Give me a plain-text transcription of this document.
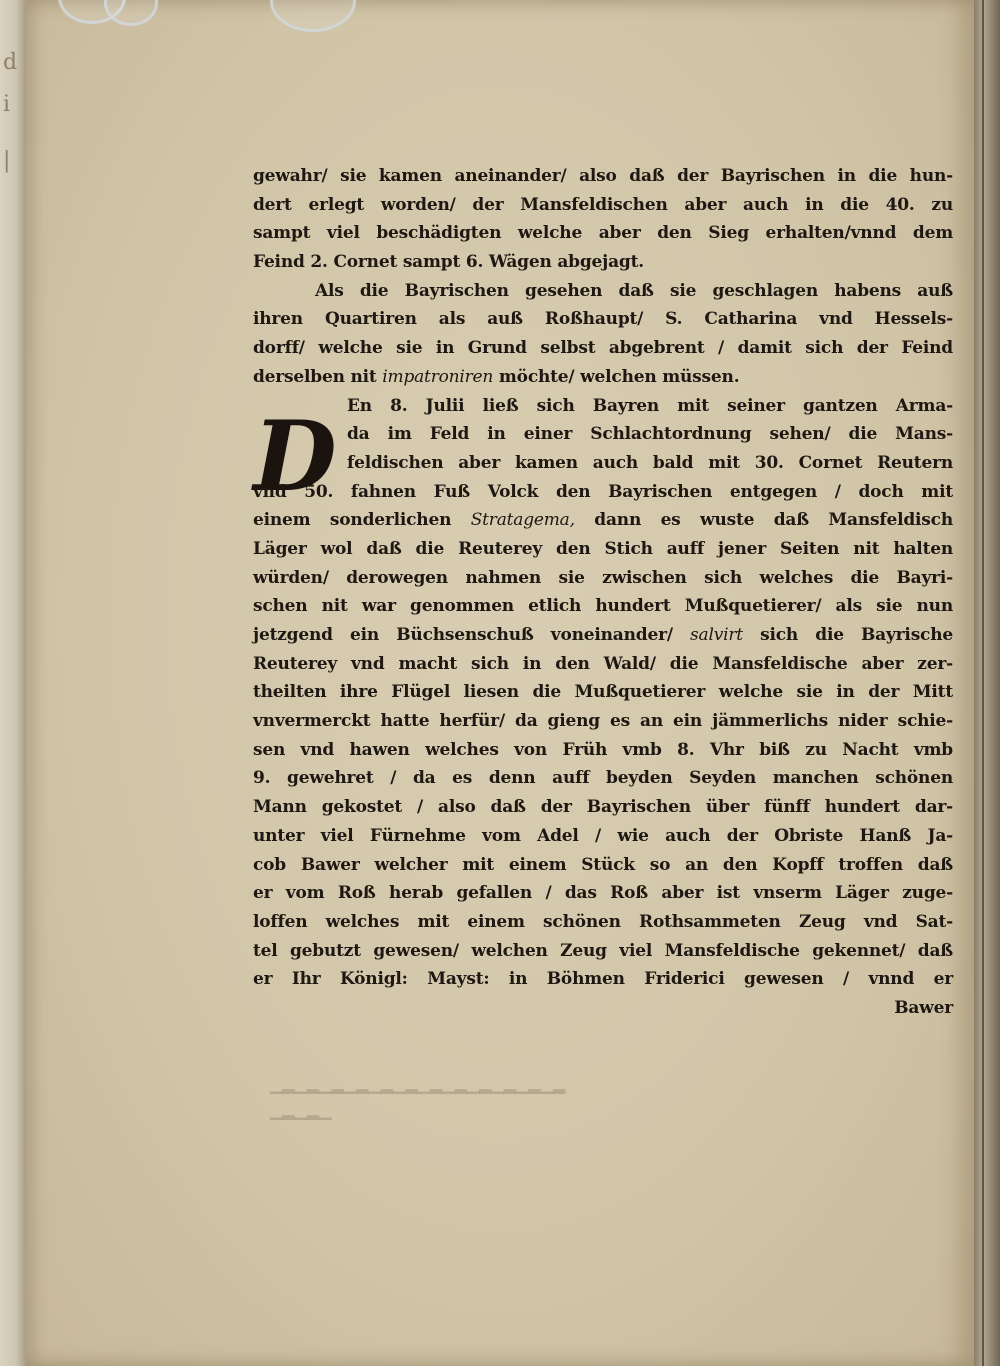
d
i
|
D
gewahr/ sie kamen aneinander/ also daß der Bayrischen in die hun-
dert erlegt worden/ der Mansfeldischen aber auch in die 40. zu
sampt viel beschädigten welche aber den Sieg erhalten/vnnd dem
Feind 2. Cornet sampt 6. Wägen abgejagt.
Als die Bayrischen gesehen daß sie geschlagen habens auß
ihren Quartiren als auß Roßhaupt/ S. Catharina vnd Hessels-
dorff/ welche sie in Grund selbst abgebrent / damit sich der Feind
derselben nit impatroniren möchte/ welchen müssen.
En 8. Julii ließ sich Bayren mit seiner gantzen Arma-
da im Feld in einer Schlachtordnung sehen/ die Mans-
feldischen aber kamen auch bald mit 30. Cornet Reutern
vnd 50. fahnen Fuß Volck den Bayrischen entgegen / doch mit
einem sonderlichen Stratagema, dann es wuste daß Mansfeldisch
Läger wol daß die Reuterey den Stich auff jener Seiten nit halten
würden/ derowegen nahmen sie zwischen sich welches die Bayri-
schen nit war genommen etlich hundert Mußquetierer/ als sie nun
jetzgend ein Büchsenschuß voneinander/ salvirt sich die Bayrische
Reuterey vnd macht sich in den Wald/ die Mansfeldische aber zer-
theilten ihre Flügel liesen die Mußquetierer welche sie in der Mitt
vnvermerckt hatte herfür/ da gieng es an ein jämmerlichs nider schie-
sen vnd hawen welches von Früh vmb 8. Vhr biß zu Nacht vmb
9. gewehret / da es denn auff beyden Seyden manchen schönen
Mann gekostet / also daß der Bayrischen über fünff hundert dar-
unter viel Fürnehme vom Adel / wie auch der Obriste Hanß Ja-
cob Bawer welcher mit einem Stück so an den Kopff troffen daß
er vom Roß herab gefallen / das Roß aber ist vnserm Läger zuge-
loffen welches mit einem schönen Rothsammeten Zeug vnd Sat-
tel gebutzt gewesen/ welchen Zeug viel Mansfeldische gekennet/ daß
er Ihr Königl: Mayst: in Böhmen Friderici gewesen / vnnd er
Bawer
▁▂▁▂▁▂▁▂▁▂▁▂▁▂▁▂▁▂▁▂▁▂▁▂
▁▂▁▂▁
